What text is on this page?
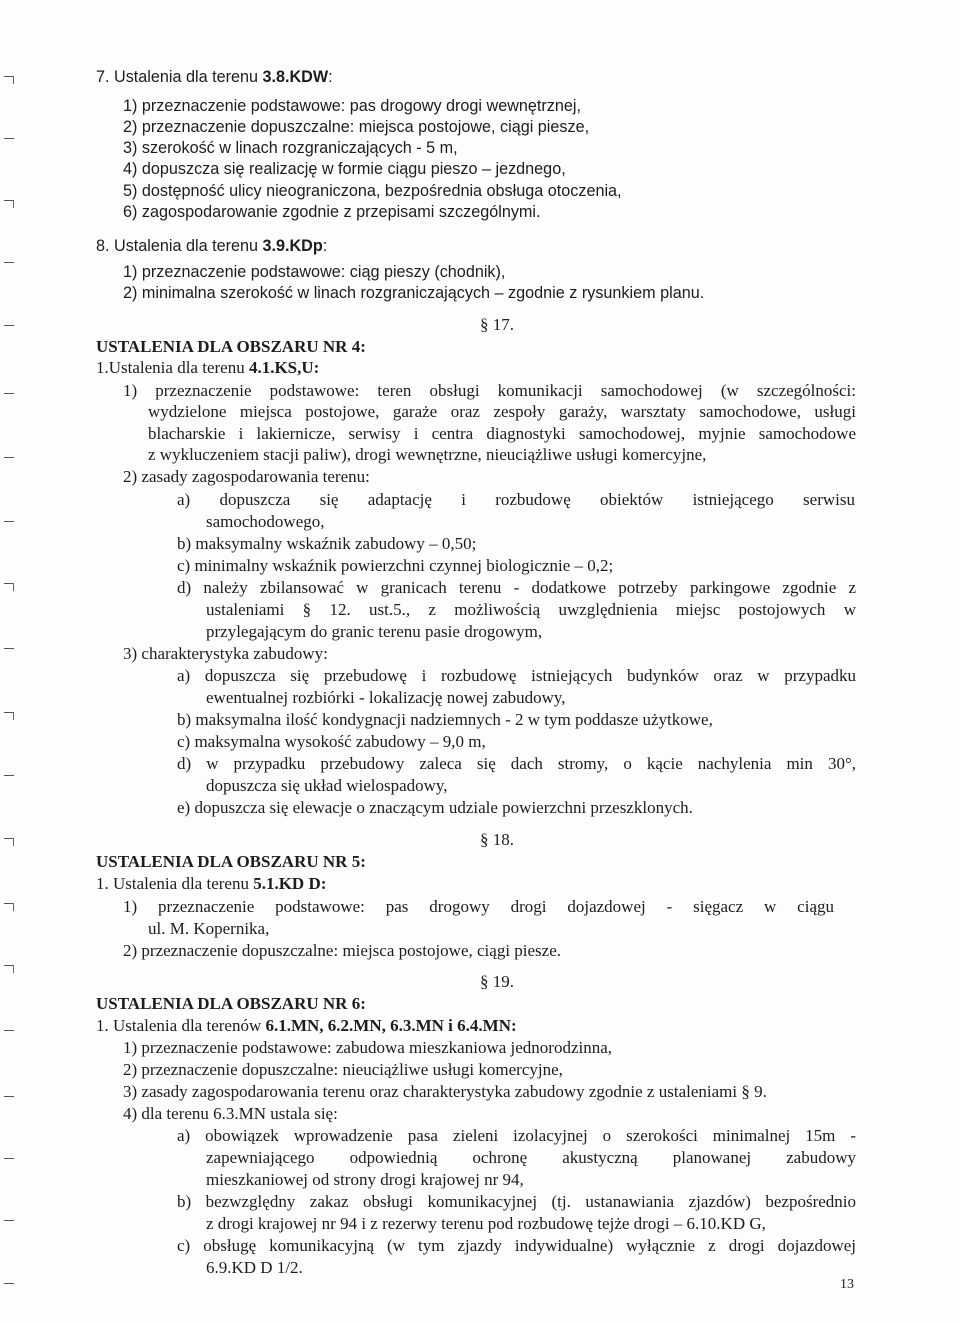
7. Ustalenia dla terenu 3.8.KDW:
1) przeznaczenie podstawowe: pas drogowy drogi wewnętrznej,
2) przeznaczenie dopuszczalne: miejsca postojowe, ciągi piesze,
3) szerokość w linach rozgraniczających - 5 m,
4) dopuszcza się realizację w formie ciągu pieszo – jezdnego,
5) dostępność ulicy nieograniczona, bezpośrednia obsługa otoczenia,
6) zagospodarowanie zgodnie z przepisami szczególnymi.
8. Ustalenia dla terenu 3.9.KDp:
1) przeznaczenie podstawowe: ciąg pieszy (chodnik),
2) minimalna szerokość w linach rozgraniczających – zgodnie z rysunkiem planu.
§ 17.
USTALENIA DLA OBSZARU NR 4:
1.Ustalenia dla terenu 4.1.KS,U:
1) przeznaczenie podstawowe: teren obsługi komunikacji samochodowej (w szczególności:
wydzielone miejsca postojowe, garaże oraz zespoły garaży, warsztaty samochodowe, usługi
blacharskie i lakiernicze, serwisy i centra diagnostyki samochodowej, myjnie samochodowe
z wykluczeniem stacji paliw), drogi wewnętrzne, nieuciążliwe usługi komercyjne,
2) zasady zagospodarowania terenu:
a) dopuszcza się adaptację i rozbudowę obiektów istniejącego serwisu
samochodowego,
b) maksymalny wskaźnik zabudowy – 0,50;
c) minimalny wskaźnik powierzchni czynnej biologicznie – 0,2;
d) należy zbilansować w granicach terenu - dodatkowe potrzeby parkingowe zgodnie z
ustaleniami § 12. ust.5., z możliwością uwzględnienia miejsc postojowych w
przylegającym do granic terenu pasie drogowym,
3) charakterystyka zabudowy:
a) dopuszcza się przebudowę i rozbudowę istniejących budynków oraz w przypadku
ewentualnej rozbiórki - lokalizację nowej zabudowy,
b) maksymalna ilość kondygnacji nadziemnych - 2 w tym poddasze użytkowe,
c) maksymalna wysokość zabudowy – 9,0 m,
d) w przypadku przebudowy zaleca się dach stromy, o kącie nachylenia min 30°,
dopuszcza się układ wielospadowy,
e) dopuszcza się elewacje o znaczącym udziale powierzchni przeszklonych.
§ 18.
USTALENIA DLA OBSZARU NR 5:
1. Ustalenia dla terenu 5.1.KD D:
1) przeznaczenie podstawowe: pas drogowy drogi dojazdowej - sięgacz w ciągu
ul. M. Kopernika,
2) przeznaczenie dopuszczalne: miejsca postojowe, ciągi piesze.
§ 19.
USTALENIA DLA OBSZARU NR 6:
1. Ustalenia dla terenów 6.1.MN, 6.2.MN, 6.3.MN i 6.4.MN:
1) przeznaczenie podstawowe: zabudowa mieszkaniowa jednorodzinna,
2) przeznaczenie dopuszczalne: nieuciążliwe usługi komercyjne,
3) zasady zagospodarowania terenu oraz charakterystyka zabudowy zgodnie z ustaleniami § 9.
4) dla terenu 6.3.MN ustala się:
a) obowiązek wprowadzenie pasa zieleni izolacyjnej o szerokości minimalnej 15m -
zapewniającego odpowiednią ochronę akustyczną planowanej zabudowy
mieszkaniowej od strony drogi krajowej nr 94,
b) bezwzględny zakaz obsługi komunikacyjnej (tj. ustanawiania zjazdów) bezpośrednio
z drogi krajowej nr 94 i z rezerwy terenu pod rozbudowę tejże drogi – 6.10.KD G,
c) obsługę komunikacyjną (w tym zjazdy indywidualne) wyłącznie z drogi dojazdowej
6.9.KD D 1/2.
13
